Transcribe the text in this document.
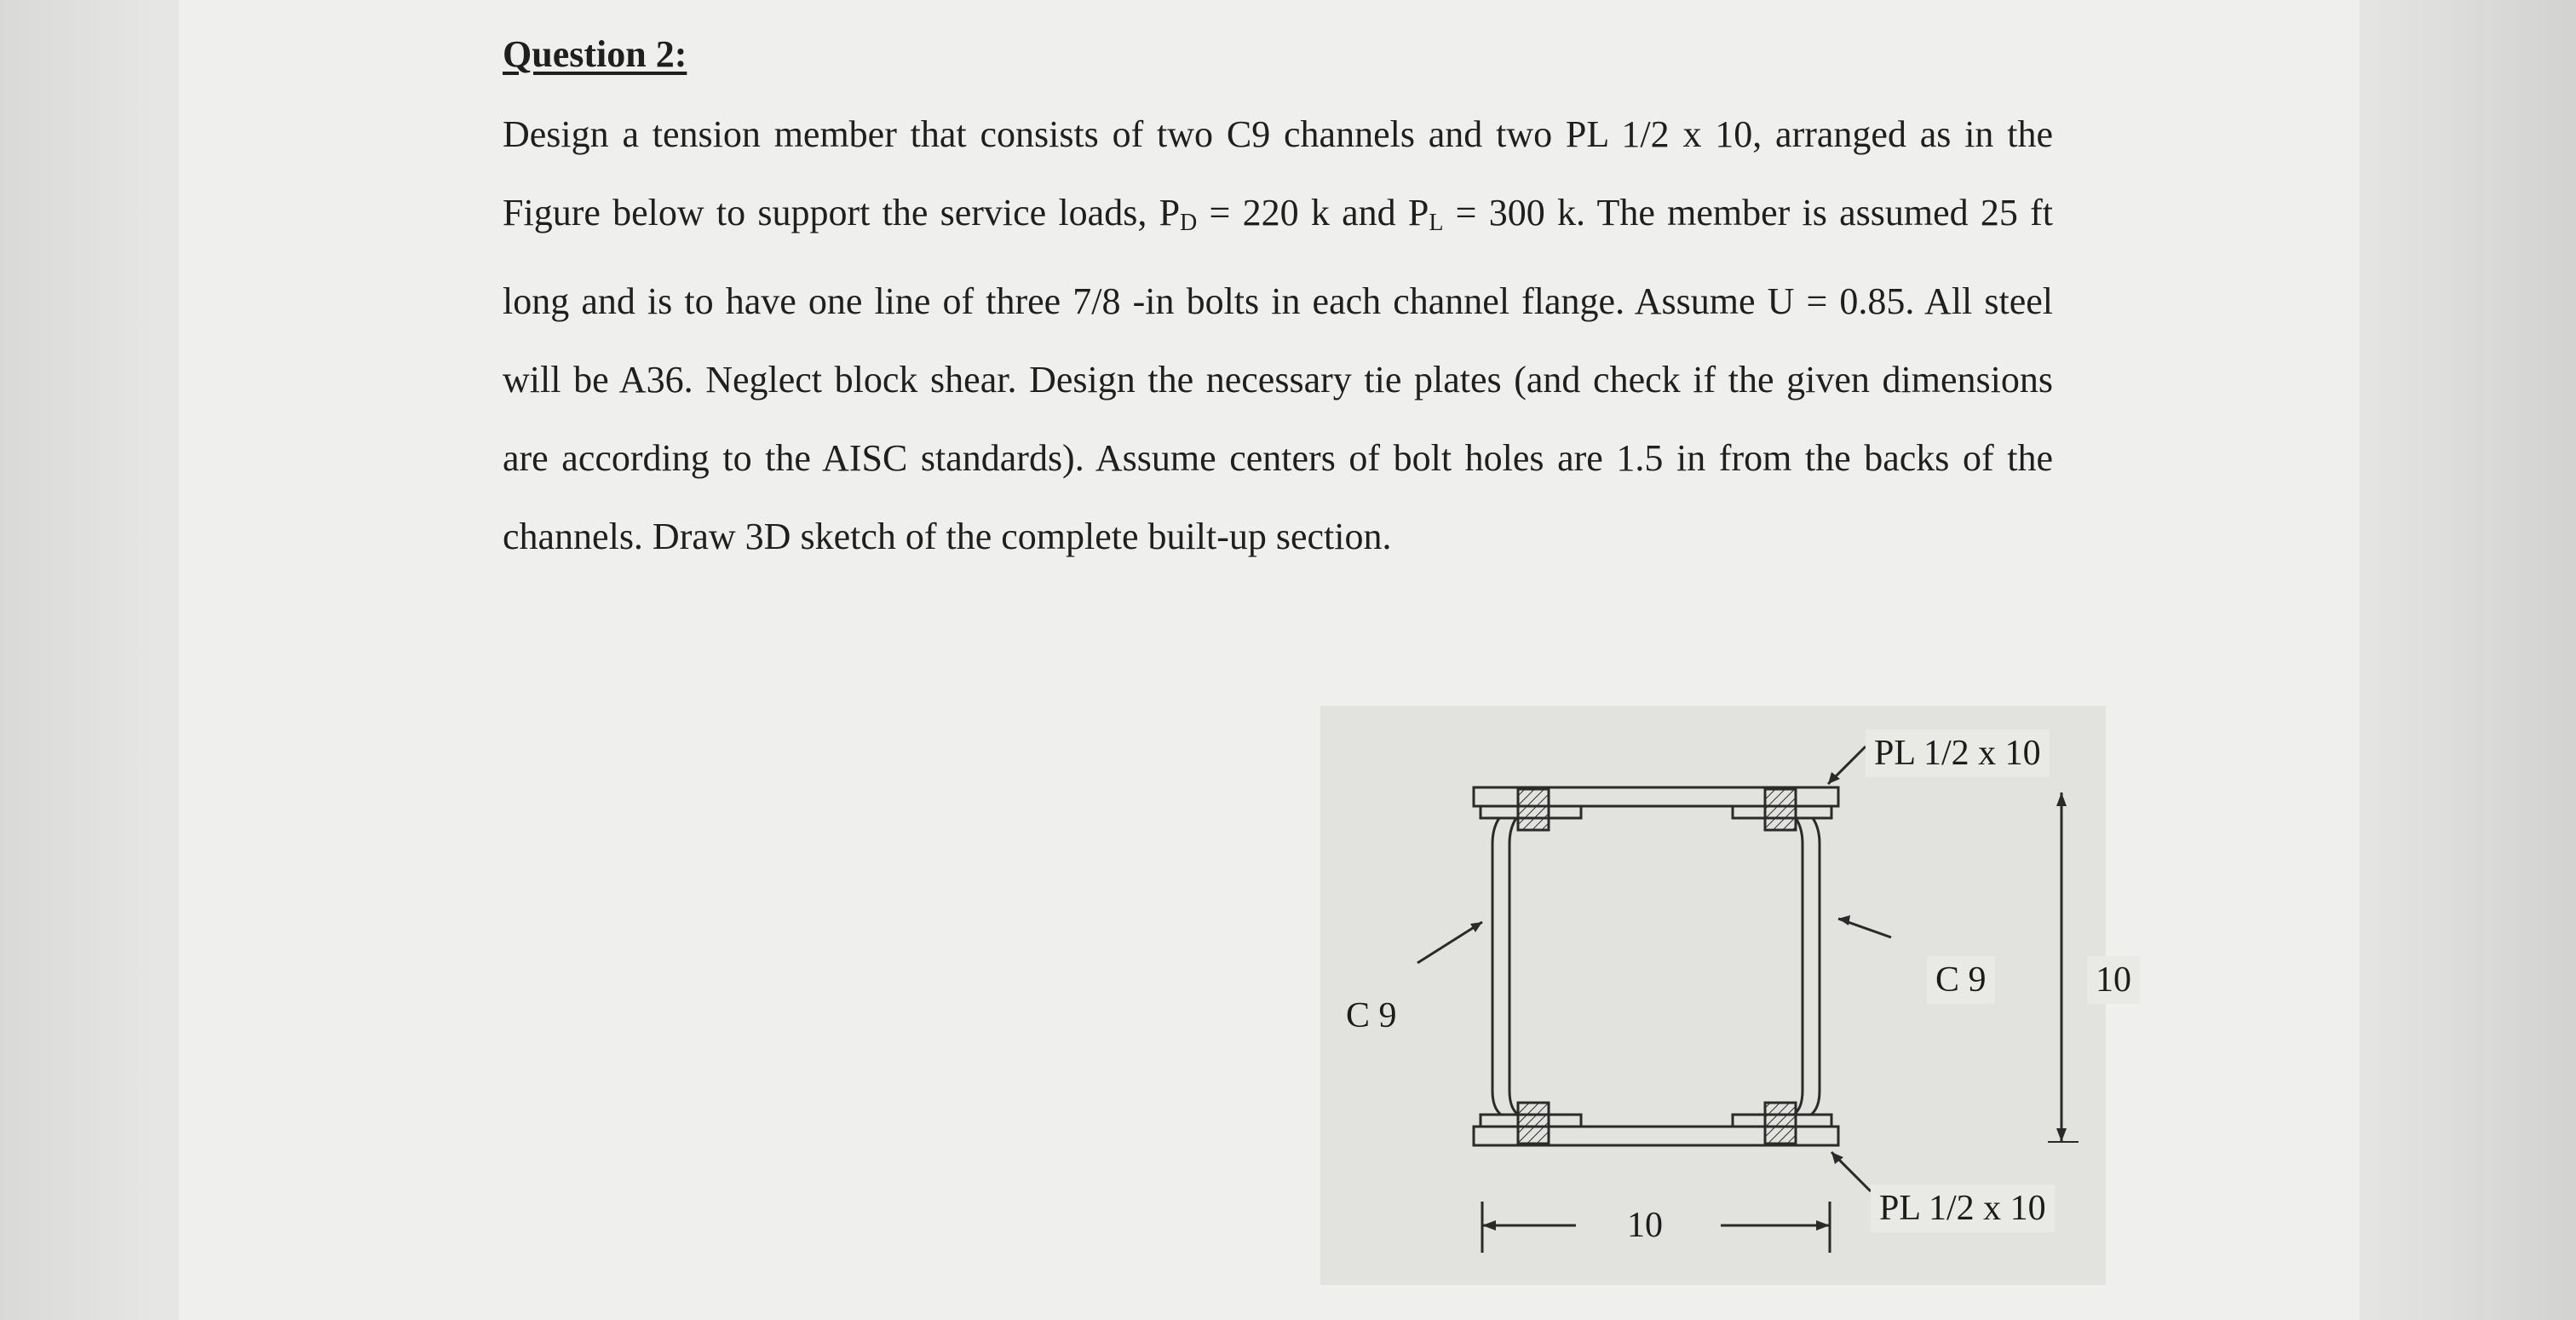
Question 2:
Design a tension member that consists of two C9 channels and two PL 1/2 x 10, arranged as in the Figure below to support the service loads, $P_D = 220$ k and $P_L = 300$ k. The member is assumed 25 ft long and is to have one line of three 7/8 -in bolts in each channel flange. Assume U = 0.85. All steel will be A36. Neglect block shear. Design the necessary tie plates (and check if the given dimensions are according to the AISC standards). Assume centers of bolt holes are 1.5 in from the backs of the channels. Draw 3D sketch of the complete built-up section.
PL 1/2 x 10
C 9	10
C 9
PL 1/2 x 10
10
